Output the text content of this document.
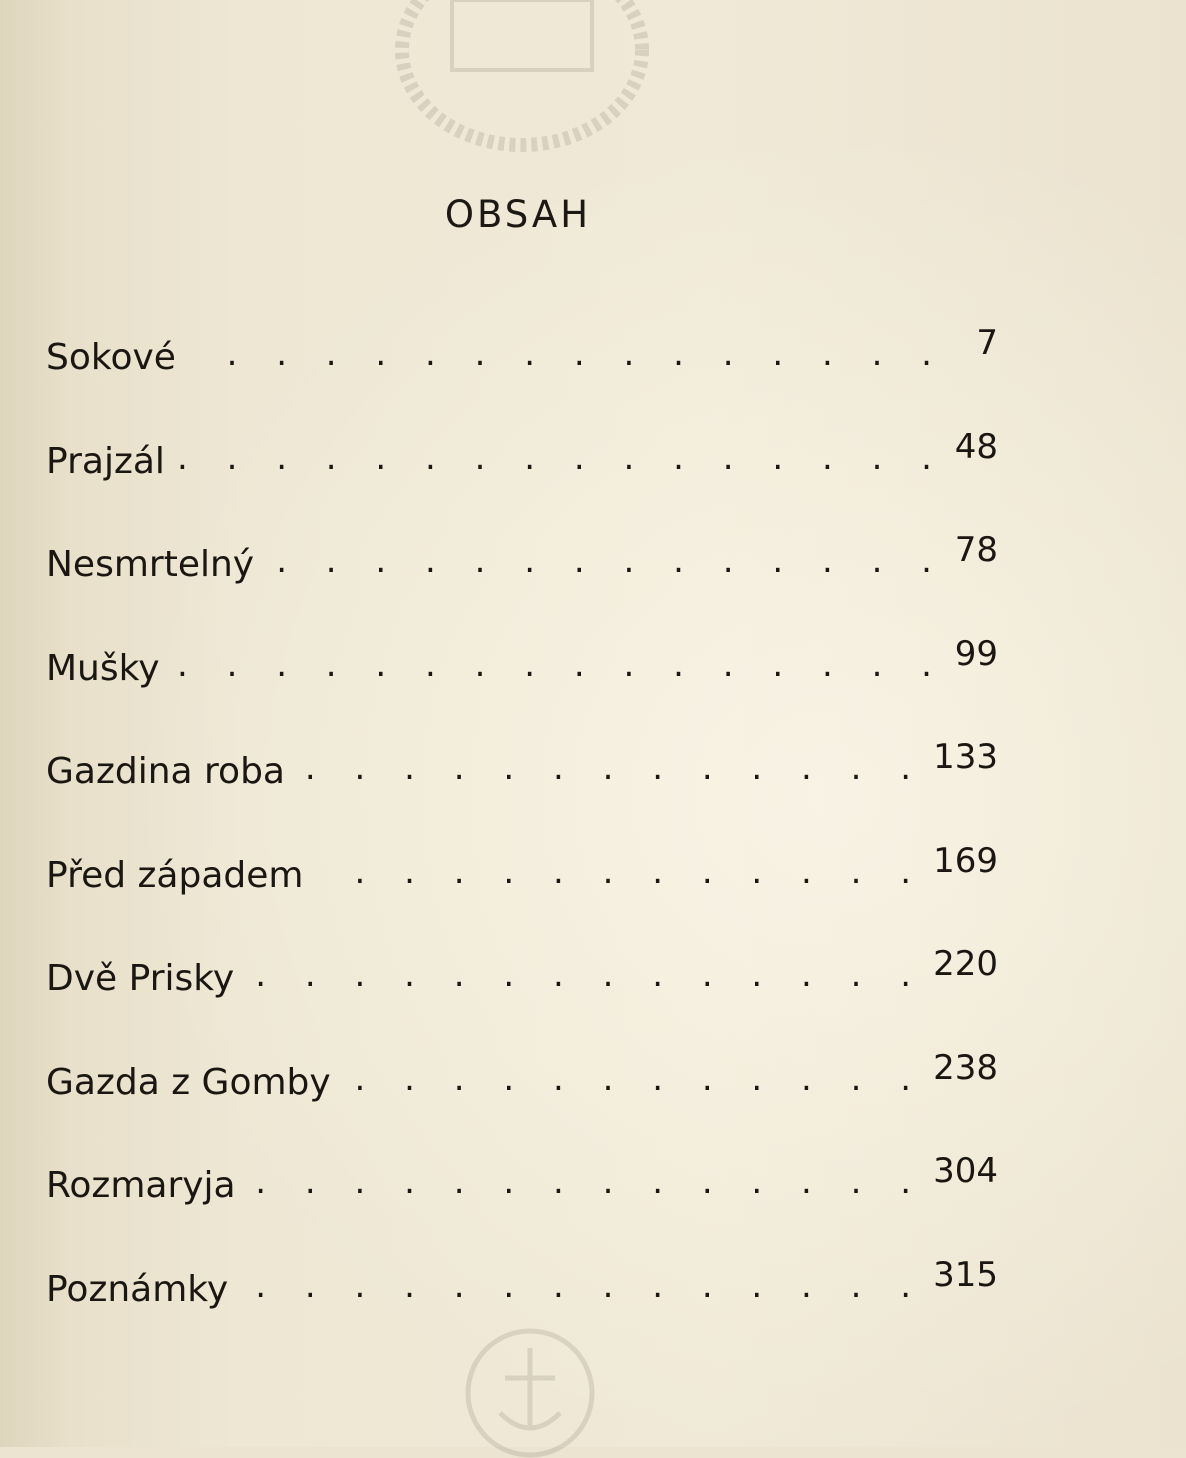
OBSAH
Sokové . . .	7
Prajzál . . .	48
Nesmrtelný . . .	78
Mušky . . .	99
Gazdina roba . . .	133
Před západem . . .	169
Dvě Prisky . . .	220
Gazda z Gomby . . .	238
Rozmaryja . . .	304
Poznámky . . .	315
